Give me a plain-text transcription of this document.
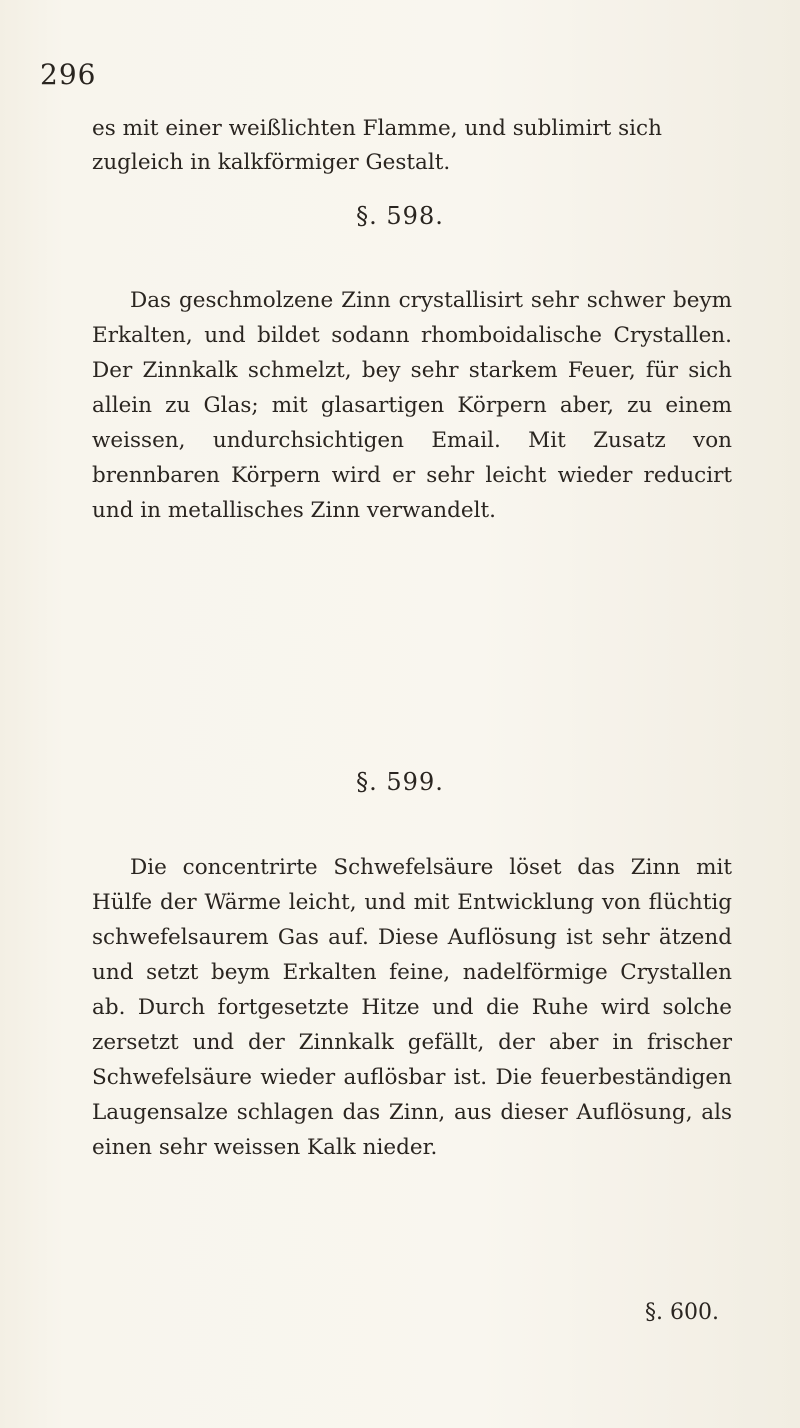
296
es mit einer weißlichten Flamme, und sublimirt sich zugleich in kalkförmiger Gestalt.
§. 598.
Das geschmolzene Zinn crystallisirt sehr schwer beym Erkalten, und bildet sodann rhomboidalische Crystallen. Der Zinnkalk schmelzt, bey sehr starkem Feuer, für sich allein zu Glas; mit glasartigen Körpern aber, zu einem weissen, undurchsichtigen Email. Mit Zusatz von brennbaren Körpern wird er sehr leicht wieder reducirt und in metallisches Zinn verwandelt.
§. 599.
Die concentrirte Schwefelsäure löset das Zinn mit Hülfe der Wärme leicht, und mit Entwicklung von flüchtig schwefelsaurem Gas auf. Diese Auflösung ist sehr ätzend und setzt beym Erkalten feine, nadelförmige Crystallen ab. Durch fortgesetzte Hitze und die Ruhe wird solche zersetzt und der Zinnkalk gefällt, der aber in frischer Schwefelsäure wieder auflösbar ist. Die feuerbeständigen Laugensalze schlagen das Zinn, aus dieser Auflösung, als einen sehr weissen Kalk nieder.
§. 600.
